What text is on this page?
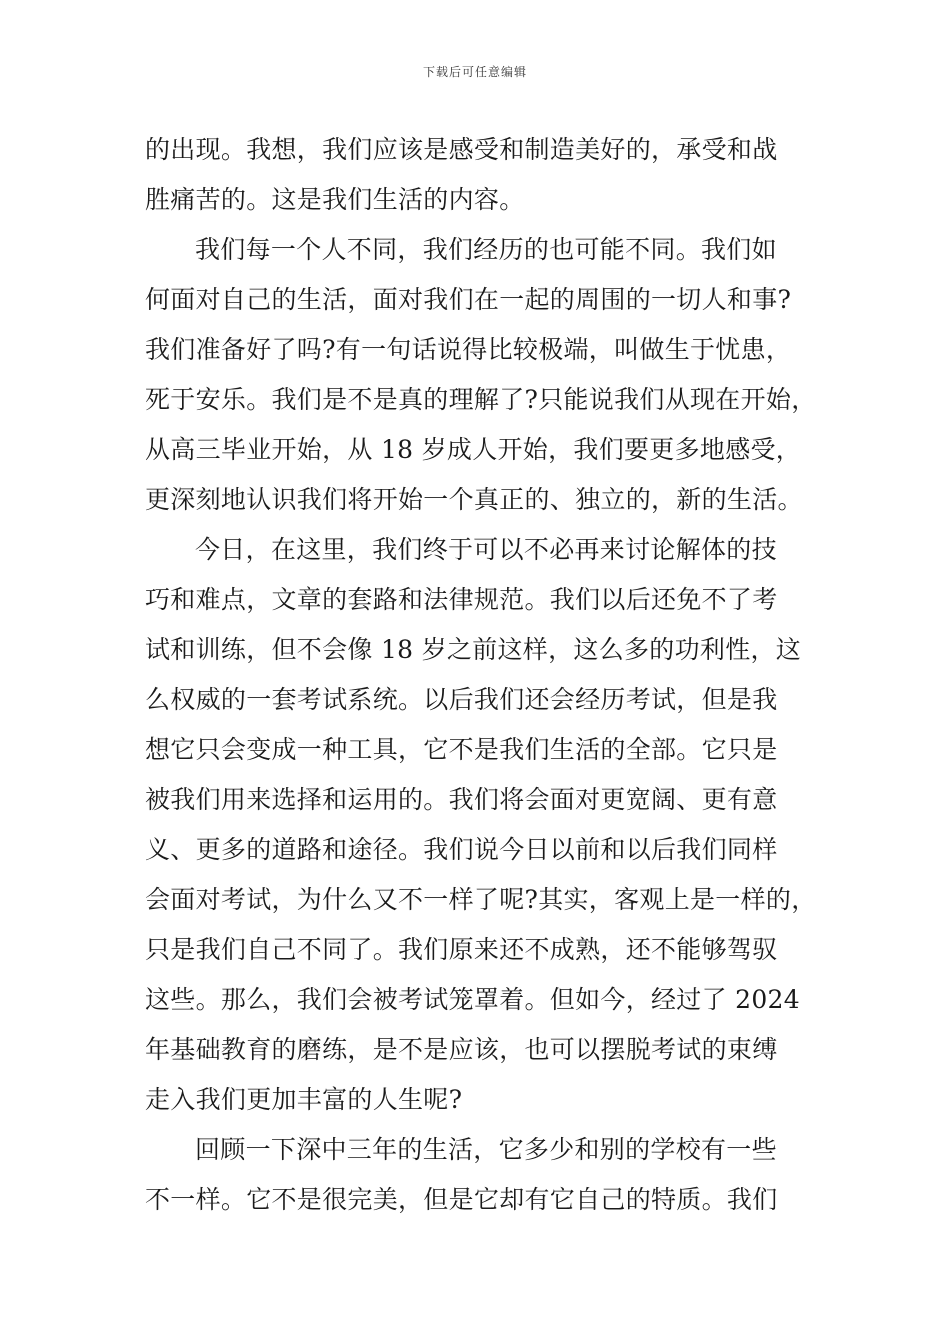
下载后可任意编辑
的出现。我想，我们应该是感受和制造美好的，承受和战
胜痛苦的。这是我们生活的内容。
我们每一个人不同，我们经历的也可能不同。我们如
何面对自己的生活，面对我们在一起的周围的一切人和事?
我们准备好了吗?有一句话说得比较极端，叫做生于忧患，
死于安乐。我们是不是真的理解了?只能说我们从现在开始，
从高三毕业开始，从 18 岁成人开始，我们要更多地感受，
更深刻地认识我们将开始一个真正的、独立的，新的生活。
今日，在这里，我们终于可以不必再来讨论解体的技
巧和难点，文章的套路和法律规范。我们以后还免不了考
试和训练，但不会像 18 岁之前这样，这么多的功利性，这
么权威的一套考试系统。以后我们还会经历考试，但是我
想它只会变成一种工具，它不是我们生活的全部。它只是
被我们用来选择和运用的。我们将会面对更宽阔、更有意
义、更多的道路和途径。我们说今日以前和以后我们同样
会面对考试，为什么又不一样了呢?其实，客观上是一样的，
只是我们自己不同了。我们原来还不成熟，还不能够驾驭
这些。那么，我们会被考试笼罩着。但如今，经过了 2024
年基础教育的磨练，是不是应该，也可以摆脱考试的束缚
走入我们更加丰富的人生呢?
回顾一下深中三年的生活，它多少和别的学校有一些
不一样。它不是很完美，但是它却有它自己的特质。我们
